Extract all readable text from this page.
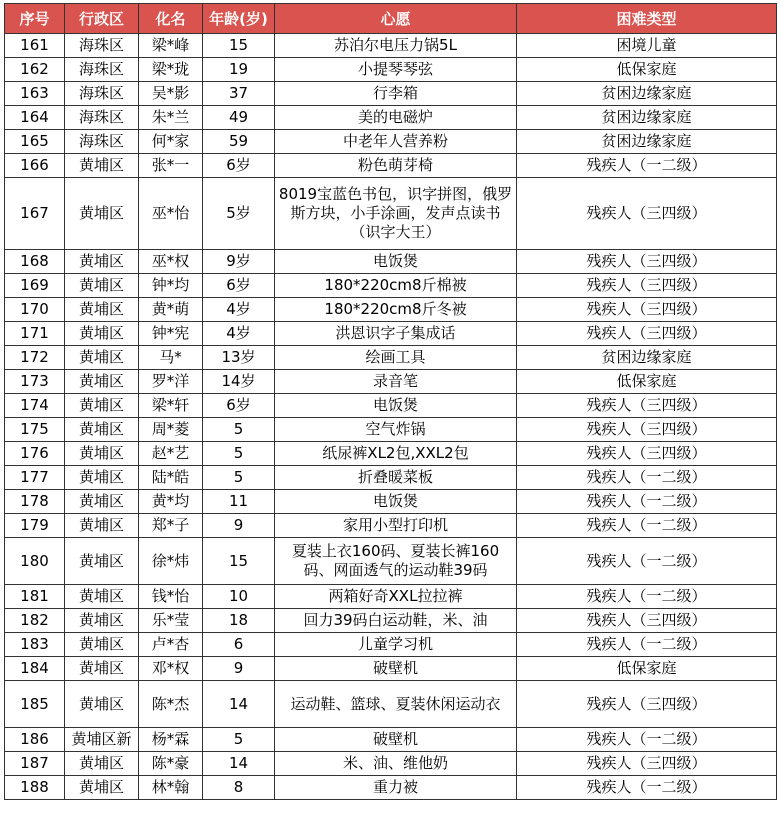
序号	行政区	化名	年龄(岁)	心愿	困难类型
161	海珠区	梁*峰	15	苏泊尔电压力锅5L	困境儿童
162	海珠区	梁*珑	19	小提琴琴弦	低保家庭
163	海珠区	吴*影	37	行李箱	贫困边缘家庭
164	海珠区	朱*兰	49	美的电磁炉	贫困边缘家庭
165	海珠区	何*家	59	中老年人营养粉	贫困边缘家庭
166	黄埔区	张*一	6岁	粉色萌芽椅	残疾人（一二级）
167	黄埔区	巫*怡	5岁	8019宝蓝色书包，识字拼图，俄罗斯方块，小手涂画，发声点读书（识字大王）	残疾人（三四级）
168	黄埔区	巫*权	9岁	电饭煲	残疾人（三四级）
169	黄埔区	钟*均	6岁	180*220cm8斤棉被	残疾人（三四级）
170	黄埔区	黄*萌	4岁	180*220cm8斤冬被	残疾人（三四级）
171	黄埔区	钟*宪	4岁	洪恩识字子集成话	残疾人（三四级）
172	黄埔区	马*	13岁	绘画工具	贫困边缘家庭
173	黄埔区	罗*洋	14岁	录音笔	低保家庭
174	黄埔区	梁*轩	6岁	电饭煲	残疾人（三四级）
175	黄埔区	周*菱	5	空气炸锅	残疾人（三四级）
176	黄埔区	赵*艺	5	纸尿裤XL2包,XXL2包	残疾人（三四级）
177	黄埔区	陆*皓	5	折叠暖菜板	残疾人（一二级）
178	黄埔区	黄*均	11	电饭煲	残疾人（一二级）
179	黄埔区	郑*子	9	家用小型打印机	残疾人（一二级）
180	黄埔区	徐*炜	15	夏装上衣160码、夏装长裤160码、网面透气的运动鞋39码	残疾人（一二级）
181	黄埔区	钱*怡	10	两箱好奇XXL拉拉裤	残疾人（一二级）
182	黄埔区	乐*莹	18	回力39码白运动鞋，米、油	残疾人（三四级）
183	黄埔区	卢*杏	6	儿童学习机	残疾人（一二级）
184	黄埔区	邓*权	9	破壁机	低保家庭
185	黄埔区	陈*杰	14	运动鞋、篮球、夏装休闲运动衣	残疾人（三四级）
186	黄埔区新	杨*霖	5	破壁机	残疾人（一二级）
187	黄埔区	陈*豪	14	米、油、维他奶	残疾人（三四级）
188	黄埔区	林*翰	8	重力被	残疾人（一二级）
